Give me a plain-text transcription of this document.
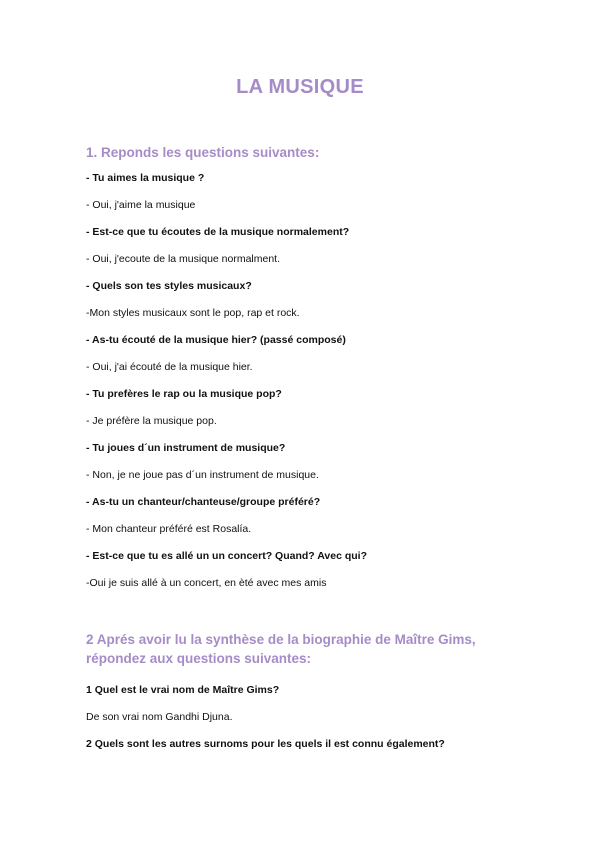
LA MUSIQUE
1. Reponds les questions suivantes:
- Tu aimes la musique ?
- Oui, j'aime la musique
- Est-ce que tu écoutes de la musique normalement?
- Oui, j'ecoute de la musique normalment.
- Quels son tes styles musicaux?
-Mon styles musicaux sont le pop, rap et rock.
- As-tu écouté de la musique hier? (passé composé)
- Oui, j'ai écouté de la musique hier.
- Tu prefères le rap ou la musique pop?
- Je préfère la musique pop.
- Tu joues d´un instrument de musique?
- Non, je ne joue pas d´un instrument de musique.
- As-tu un chanteur/chanteuse/groupe préféré?
- Mon chanteur préféré est Rosalía.
- Est-ce que tu es allé un un concert? Quand? Avec qui?
-Oui je suis allé à un concert, en èté avec mes amis
2 Aprés avoir lu la synthèse de la biographie de Maître Gims, répondez aux questions suivantes:
1 Quel est le vrai nom de Maître Gims?
De son vrai nom Gandhi Djuna.
2 Quels sont les autres surnoms pour les quels il est connu également?
